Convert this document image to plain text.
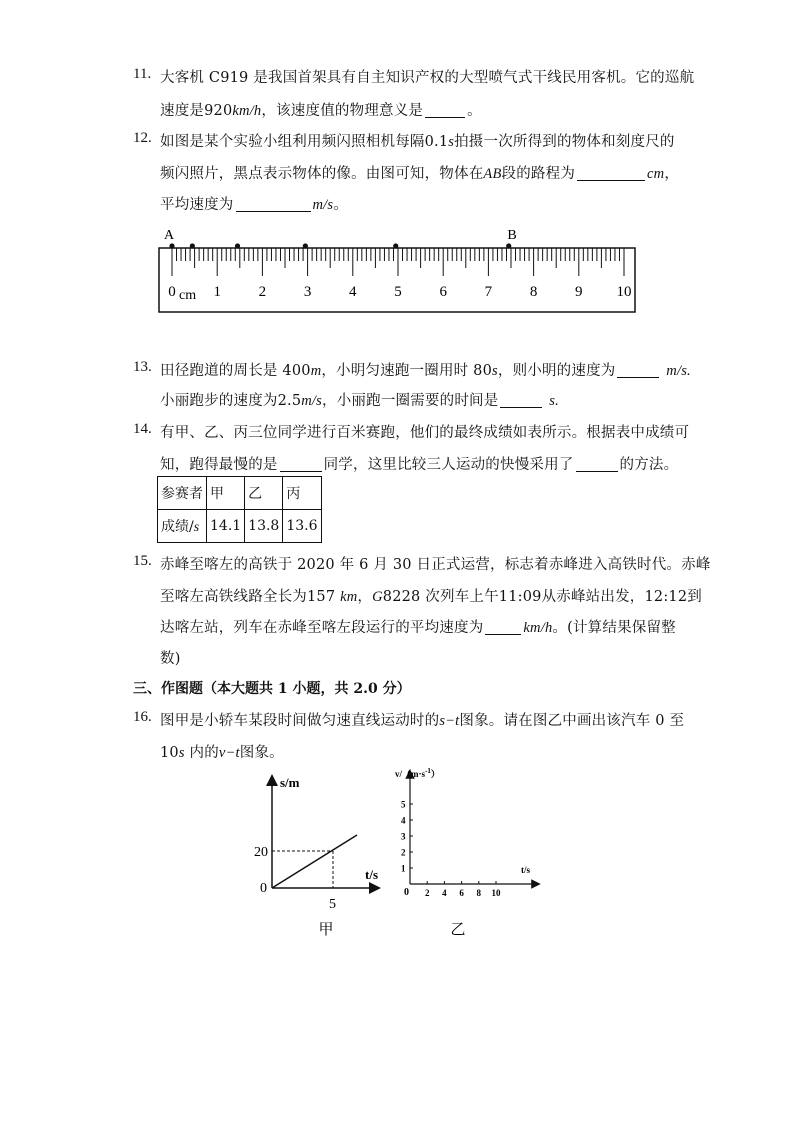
11. 大客机 C919 是我国首架具有自主知识产权的大型喷气式干线民用客机。它的巡航
速度是920km/h，该速度值的物理意义是	。
12. 如图是某个实验小组利用频闪照相机每隔0.1s拍摄一次所得到的物体和刻度尺的
频闪照片，黑点表示物体的像。由图可知，物体在AB段的路程为	cm，
平均速度为	m/s。
0	1	2	3	4	5	6	7	8	9 10
A	B
cm
13. 田径跑道的周长是 400m，小明匀速跑一圈用时 80s，则小明的速度为	m/s.
小丽跑步的速度为2.5m/s，小丽跑一圈需要的时间是	s.
14. 有甲、乙、丙三位同学进行百米赛跑，他们的最终成绩如表所示。根据表中成绩可
知，跑得最慢的是	同学，这里比较三人运动的快慢采用了	的方法。
参赛者	甲	乙	丙
成绩/s	14.1	13.8	13.6
15. 赤峰至喀左的高铁于 2020 年 6 月 30 日正式运营，标志着赤峰进入高铁时代。赤峰
至喀左高铁线路全长为157 km，G8228 次列车上午11:09从赤峰站出发，12:12到
达喀左站，列车在赤峰至喀左段运行的平均速度为	km/h。(计算结果保留整
数)
三、作图题（本大题共 1 小题，共 2.0 分）
16. 图甲是小轿车某段时间做匀速直线运动时的s−t图象。请在图乙中画出该汽车 0 至
10s 内的v−t图象。
s/m
t/s
0
20
5
甲
1
2
3
4
5
2 4 6 8 10
$v/(m\cdot s^{-1})$
t/s
0
乙
